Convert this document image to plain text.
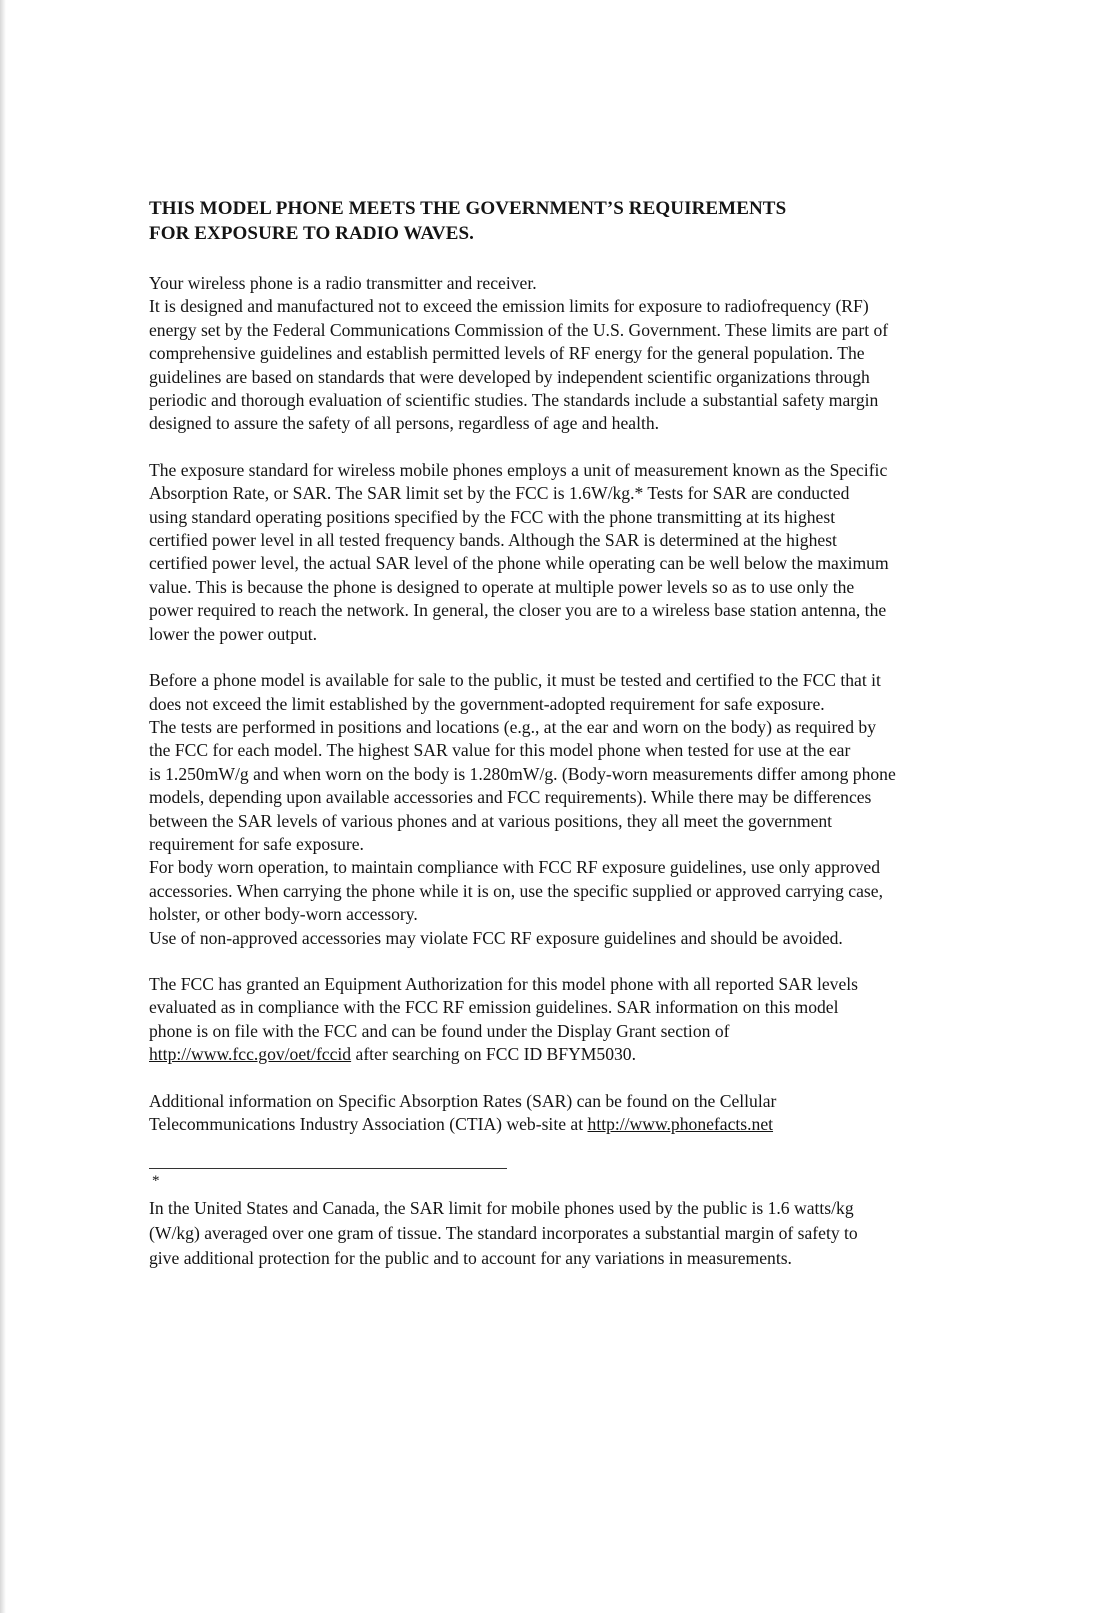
THIS MODEL PHONE MEETS THE GOVERNMENT’S REQUIREMENTS
FOR EXPOSURE TO RADIO WAVES.
Your wireless phone is a radio transmitter and receiver.
It is designed and manufactured not to exceed the emission limits for exposure to radiofrequency (RF)
energy set by the Federal Communications Commission of the U.S. Government. These limits are part of
comprehensive guidelines and establish permitted levels of RF energy for the general population. The
guidelines are based on standards that were developed by independent scientific organizations through
periodic and thorough evaluation of scientific studies. The standards include a substantial safety margin
designed to assure the safety of all persons, regardless of age and health.
The exposure standard for wireless mobile phones employs a unit of measurement known as the Specific
Absorption Rate, or SAR. The SAR limit set by the FCC is 1.6W/kg.* Tests for SAR are conducted
using standard operating positions specified by the FCC with the phone transmitting at its highest
certified power level in all tested frequency bands. Although the SAR is determined at the highest
certified power level, the actual SAR level of the phone while operating can be well below the maximum
value. This is because the phone is designed to operate at multiple power levels so as to use only the
power required to reach the network. In general, the closer you are to a wireless base station antenna, the
lower the power output.
Before a phone model is available for sale to the public, it must be tested and certified to the FCC that it
does not exceed the limit established by the government-adopted requirement for safe exposure.
The tests are performed in positions and locations (e.g., at the ear and worn on the body) as required by
the FCC for each model. The highest SAR value for this model phone when tested for use at the ear
is 1.250mW/g and when worn on the body is 1.280mW/g. (Body-worn measurements differ among phone
models, depending upon available accessories and FCC requirements). While there may be differences
between the SAR levels of various phones and at various positions, they all meet the government
requirement for safe exposure.
For body worn operation, to maintain compliance with FCC RF exposure guidelines, use only approved
accessories. When carrying the phone while it is on, use the specific supplied or approved carrying case,
holster, or other body-worn accessory.
Use of non-approved accessories may violate FCC RF exposure guidelines and should be avoided.
The FCC has granted an Equipment Authorization for this model phone with all reported SAR levels
evaluated as in compliance with the FCC RF emission guidelines. SAR information on this model
phone is on file with the FCC and can be found under the Display Grant section of
http://www.fcc.gov/oet/fccid after searching on FCC ID BFYM5030.
Additional information on Specific Absorption Rates (SAR) can be found on the Cellular
Telecommunications Industry Association (CTIA) web-site at http://www.phonefacts.net
*
In the United States and Canada, the SAR limit for mobile phones used by the public is 1.6 watts/kg
(W/kg) averaged over one gram of tissue. The standard incorporates a substantial margin of safety to
give additional protection for the public and to account for any variations in measurements.
